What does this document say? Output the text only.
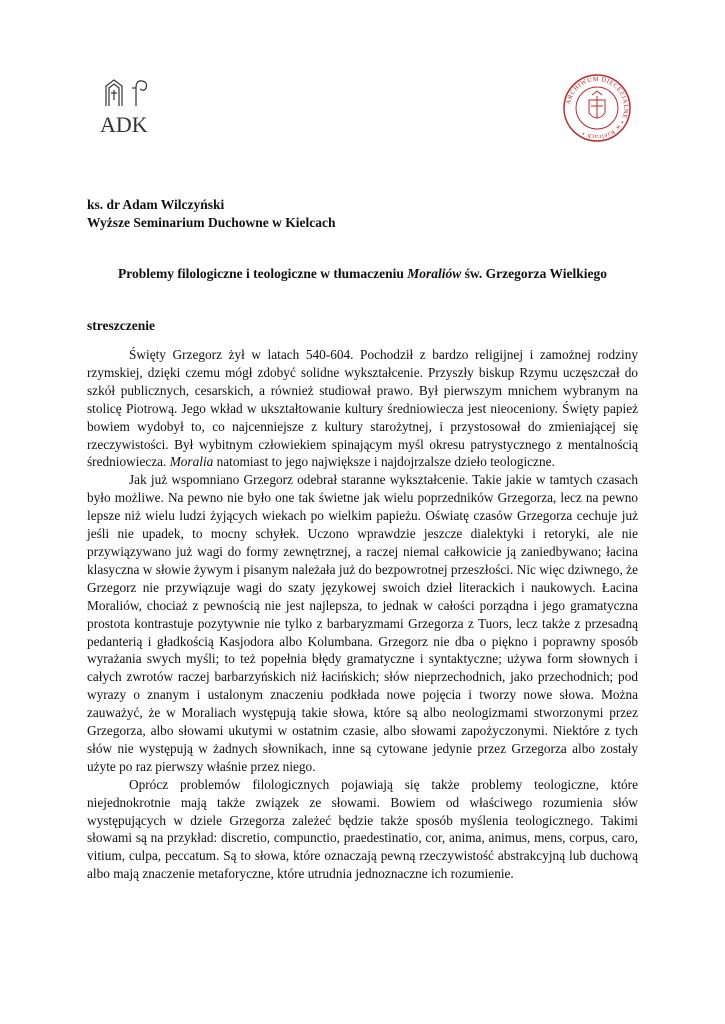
ADK
ARCHIWUM DIECEZJALNE • w Kielcach •
ks. dr Adam Wilczyński
Wyższe Seminarium Duchowne w Kielcach
Problemy filologiczne i teologiczne w tłumaczeniu Moraliów św. Grzegorza Wielkiego
streszczenie

Święty Grzegorz żył w latach 540-604. Pochodził z bardzo religijnej i zamożnej rodziny rzymskiej, dzięki czemu mógł zdobyć solidne wykształcenie. Przyszły biskup Rzymu uczęszczał do szkół publicznych, cesarskich, a również studiował prawo. Był pierwszym mnichem wybranym na stolicę Piotrową. Jego wkład w ukształtowanie kultury średniowiecza jest nieoceniony. Święty papież bowiem wydobył to, co najcenniejsze z kultury starożytnej, i przystosował do zmieniającej się rzeczywistości. Był wybitnym człowiekiem spinającym myśl okresu patrystycznego z mentalnością średniowiecza. Moralia natomiast to jego największe i najdojrzalsze dzieło teologiczne.

Jak już wspomniano Grzegorz odebrał staranne wykształcenie. Takie jakie w tamtych czasach było możliwe. Na pewno nie było one tak świetne jak wielu poprzedników Grzegorza, lecz na pewno lepsze niż wielu ludzi żyjących wiekach po wielkim papieżu. Oświatę czasów Grzegorza cechuje już jeśli nie upadek, to mocny schyłek. Uczono wprawdzie jeszcze dialektyki i retoryki, ale nie przywiązywano już wagi do formy zewnętrznej, a raczej niemal całkowicie ją zaniedbywano; łacina klasyczna w słowie żywym i pisanym należała już do bezpowrotnej przeszłości. Nic więc dziwnego, że Grzegorz nie przywiązuje wagi do szaty językowej swoich dzieł literackich i naukowych. Łacina Moraliów, chociaż z pewnością nie jest najlepsza, to jednak w całości porządna i jego gramatyczna prostota kontrastuje pozytywnie nie tylko z barbaryzmami Grzegorza z Tuors, lecz także z przesadną pedanterią i gładkością Kasjodora albo Kolumbana. Grzegorz nie dba o piękno i poprawny sposób wyrażania swych myśli; to też popełnia błędy gramatyczne i syntaktyczne; używa form słownych i całych zwrotów raczej barbarzyńskich niż łacińskich; słów nieprzechodnich, jako przechodnich; pod wyrazy o znanym i ustalonym znaczeniu podkłada nowe pojęcia i tworzy nowe słowa. Można zauważyć, że w Moraliach występują takie słowa, które są albo neologizmami stworzonymi przez Grzegorza, albo słowami ukutymi w ostatnim czasie, albo słowami zapożyczonymi. Niektóre z tych słów nie występują w żadnych słownikach, inne są cytowane jedynie przez Grzegorza albo zostały użyte po raz pierwszy właśnie przez niego.

Oprócz problemów filologicznych pojawiają się także problemy teologiczne, które niejednokrotnie mają także związek ze słowami. Bowiem od właściwego rozumienia słów występujących w dziele Grzegorza zależeć będzie także sposób myślenia teologicznego. Takimi słowami są na przykład: discretio, compunctio, praedestinatio, cor, anima, animus, mens, corpus, caro, vitium, culpa, peccatum. Są to słowa, które oznaczają pewną rzeczywistość abstrakcyjną lub duchową albo mają znaczenie metaforyczne, które utrudnia jednoznaczne ich rozumienie.
